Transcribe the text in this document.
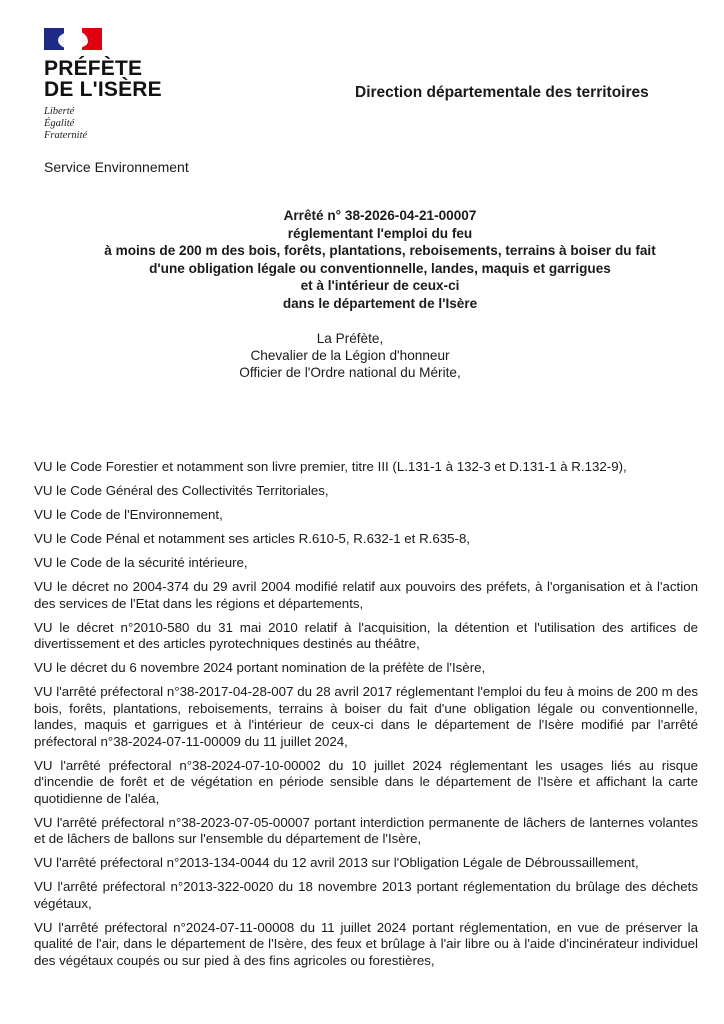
PRÉFÈTE
DE L'ISÈRE
Liberté
Égalité
Fraternité
Direction départementale des territoires
Service Environnement
Arrêté n° 38-2026-04-21-00007
réglementant l'emploi du feu
à moins de 200 m des bois, forêts, plantations, reboisements, terrains à boiser du fait
d'une obligation légale ou conventionnelle, landes, maquis et garrigues
et à l'intérieur de ceux-ci
dans le département de l'Isère
La Préfète,
Chevalier de la Légion d'honneur
Officier de l'Ordre national du Mérite,

VU le Code Forestier et notamment son livre premier, titre III (L.131-1 à 132-3 et D.131-1 à R.132-9),

VU le Code Général des Collectivités Territoriales,

VU le Code de l'Environnement,

VU le Code Pénal et notamment ses articles R.610-5, R.632-1 et R.635-8,

VU le Code de la sécurité intérieure,

VU le décret no 2004-374 du 29 avril 2004 modifié relatif aux pouvoirs des préfets, à l'organisation et à l'action des services de l'Etat dans les régions et départements,

VU le décret n°2010-580 du 31 mai 2010 relatif à l'acquisition, la détention et l'utilisation des artifices de divertissement et des articles pyrotechniques destinés au théâtre,

VU le décret du 6 novembre 2024 portant nomination de la préfète de l'Isère,

VU l'arrêté préfectoral n°38-2017-04-28-007 du 28 avril 2017 réglementant l'emploi du feu à moins de 200 m des bois, forêts, plantations, reboisements, terrains à boiser du fait d'une obligation légale ou conventionnelle, landes, maquis et garrigues et à l'intérieur de ceux-ci dans le département de l'Isère modifié par l'arrêté préfectoral n°38-2024-07-11-00009 du 11 juillet 2024,

VU l'arrêté préfectoral n°38-2024-07-10-00002 du 10 juillet 2024 réglementant les usages liés au risque d'incendie de forêt et de végétation en période sensible dans le département de l'Isère et affichant la carte quotidienne de l'aléa,

VU l'arrêté préfectoral n°38-2023-07-05-00007 portant interdiction permanente de lâchers de lanternes volantes et de lâchers de ballons sur l'ensemble du département de l'Isère,

VU l'arrêté préfectoral n°2013-134-0044 du 12 avril 2013 sur l'Obligation Légale de Débroussaillement,

VU l'arrêté préfectoral n°2013-322-0020 du 18 novembre 2013 portant réglementation du brûlage des déchets végétaux,

VU l'arrêté préfectoral n°2024-07-11-00008 du 11 juillet 2024 portant réglementation, en vue de préserver la qualité de l'air, dans le département de l'Isère, des feux et brûlage à l'air libre ou à l'aide d'incinérateur individuel des végétaux coupés ou sur pied à des fins agricoles ou forestières,
